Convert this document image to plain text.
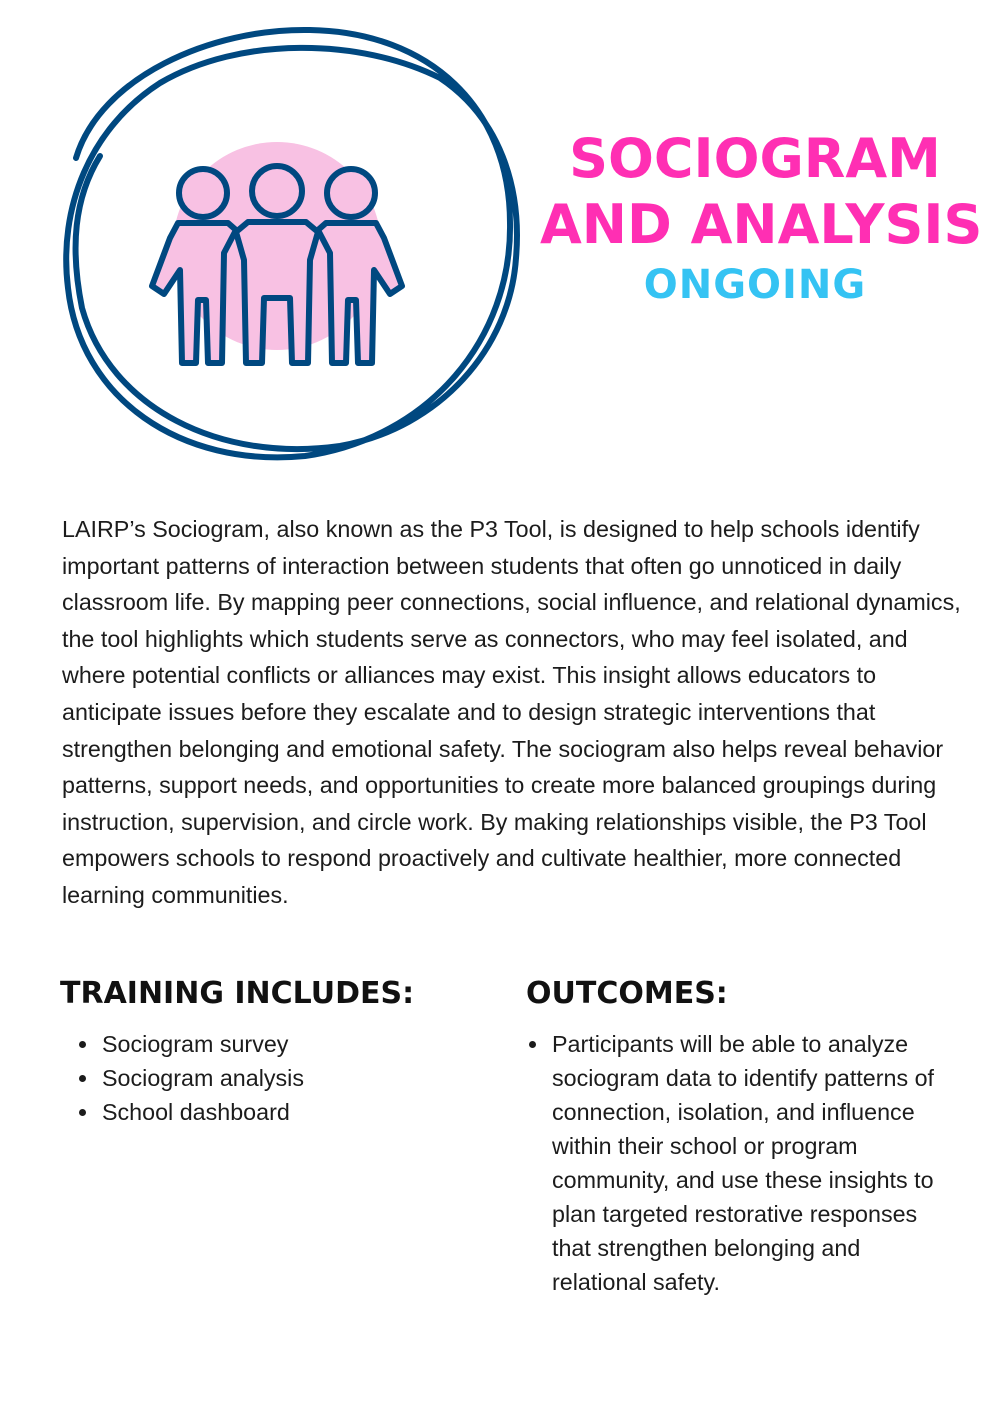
SOCIOGRAM
AND ANALYSIS
ONGOING

LAIRP’s Sociogram, also known as the P3 Tool, is designed to help schools identify important patterns of interaction between students that often go unnoticed in daily classroom life. By mapping peer connections, social influence, and relational dynamics, the tool highlights which students serve as connectors, who may feel isolated, and where potential conflicts or alliances may exist. This insight allows educators to anticipate issues before they escalate and to design strategic interventions that strengthen belonging and emotional safety. The sociogram also helps reveal behavior patterns, support needs, and opportunities to create more balanced groupings during instruction, supervision, and circle work. By making relationships visible, the P3 Tool empowers schools to respond proactively and cultivate healthier, more connected learning communities.

TRAINING INCLUDES:
Sociogram survey
Sociogram analysis
School dashboard
OUTCOMES:
Participants will be able to analyze sociogram data to identify patterns of connection, isolation, and influence within their school or program community, and use these insights to plan targeted restorative responses that strengthen belonging and relational safety.
